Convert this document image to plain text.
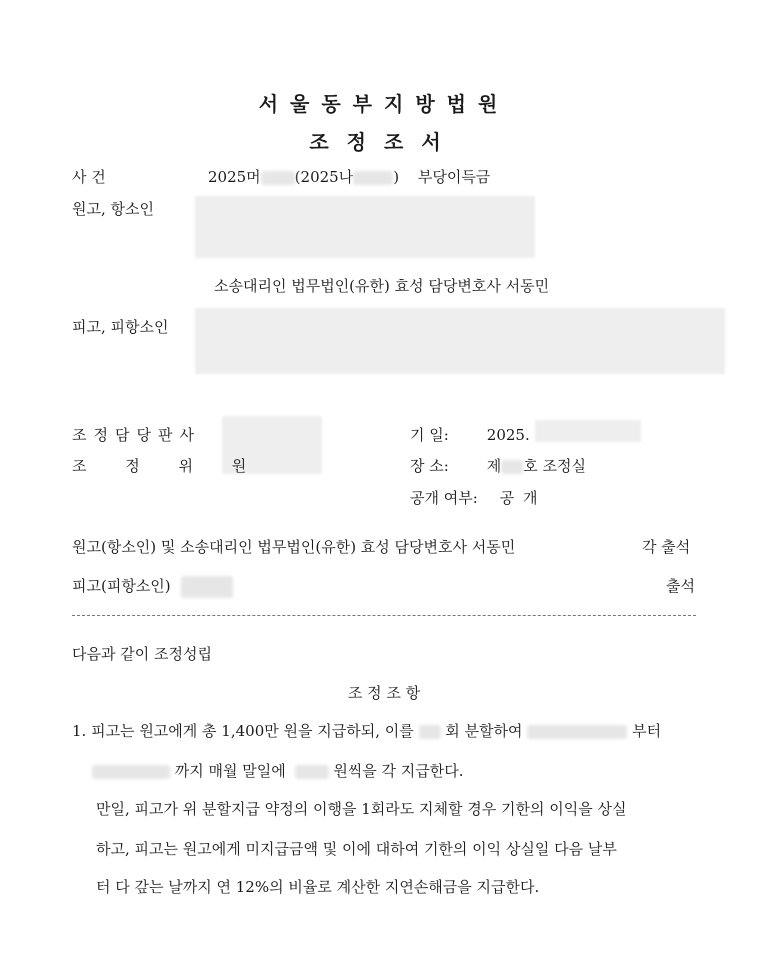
서울동부지방법원
조정조서
사 건	2025머 (2025나	) 부당이득금
원고, 항소인
소송대리인 법무법인(유한) 효성 담당변호사 서동민
피고, 피항소인
조정담당판사
조 정 위 원
기 일:	2025.
장 소:	제 호 조정실
공개 여부: 공 개
원고(항소인) 및 소송대리인 법무법인(유한) 효성 담당변호사 서동민	각 출석
피고(피항소인)	출석
다음과 같이 조정성립
조 정 조 항
1. 피고는 원고에게 총 1,400만 원을 지급하되, 이를 회 분할하여	부터
까지 매월 말일에	원씩을 각 지급한다.
만일, 피고가 위 분할지급 약정의 이행을 1회라도 지체할 경우 기한의 이익을 상실
하고, 피고는 원고에게 미지급금액 및 이에 대하여 기한의 이익 상실일 다음 날부
터 다 갚는 날까지 연 12%의 비율로 계산한 지연손해금을 지급한다.
